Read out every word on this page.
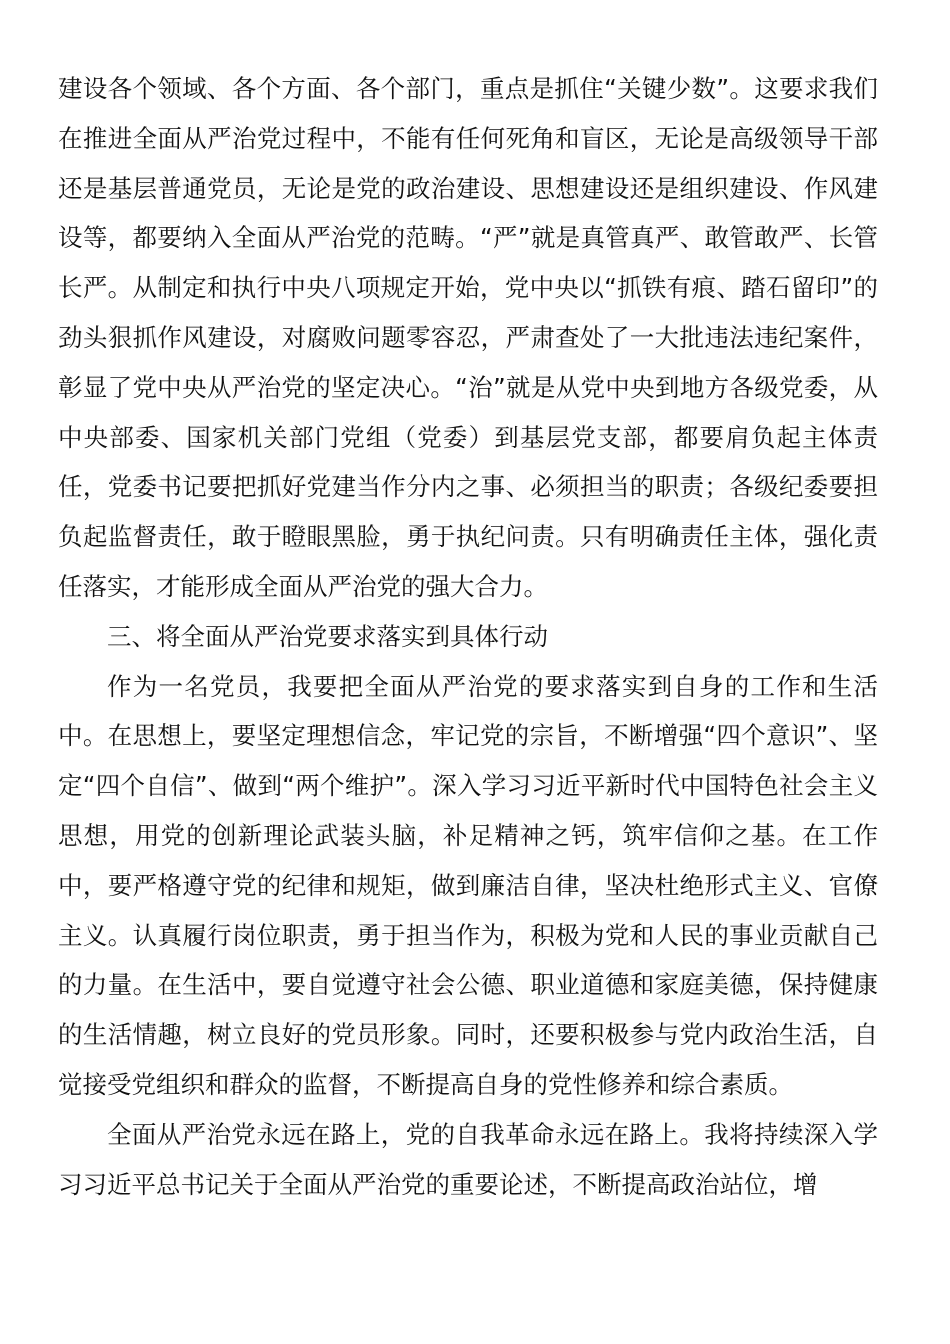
建设各个领域、各个方面、各个部门，重点是抓住“关键少数”。这要求我们在推进全面从严治党过程中，不能有任何死角和盲区，无论是高级领导干部还是基层普通党员，无论是党的政治建设、思想建设还是组织建设、作风建设等，都要纳入全面从严治党的范畴。“严”就是真管真严、敢管敢严、长管长严。从制定和执行中央八项规定开始，党中央以“抓铁有痕、踏石留印”的劲头狠抓作风建设，对腐败问题零容忍，严肃查处了一大批违法违纪案件，彰显了党中央从严治党的坚定决心。“治”就是从党中央到地方各级党委，从中央部委、国家机关部门党组（党委）到基层党支部，都要肩负起主体责任，党委书记要把抓好党建当作分内之事、必须担当的职责；各级纪委要担负起监督责任，敢于瞪眼黑脸，勇于执纪问责。只有明确责任主体，强化责任落实，才能形成全面从严治党的强大合力。

三、将全面从严治党要求落实到具体行动

作为一名党员，我要把全面从严治党的要求落实到自身的工作和生活中。在思想上，要坚定理想信念，牢记党的宗旨，不断增强“四个意识”、坚定“四个自信”、做到“两个维护”。深入学习习近平新时代中国特色社会主义思想，用党的创新理论武装头脑，补足精神之钙，筑牢信仰之基。在工作中，要严格遵守党的纪律和规矩，做到廉洁自律，坚决杜绝形式主义、官僚主义。认真履行岗位职责，勇于担当作为，积极为党和人民的事业贡献自己的力量。在生活中，要自觉遵守社会公德、职业道德和家庭美德，保持健康的生活情趣，树立良好的党员形象。同时，还要积极参与党内政治生活，自觉接受党组织和群众的监督，不断提高自身的党性修养和综合素质。

全面从严治党永远在路上，党的自我革命永远在路上。我将持续深入学习习近平总书记关于全面从严治党的重要论述，不断提高政治站位，增
